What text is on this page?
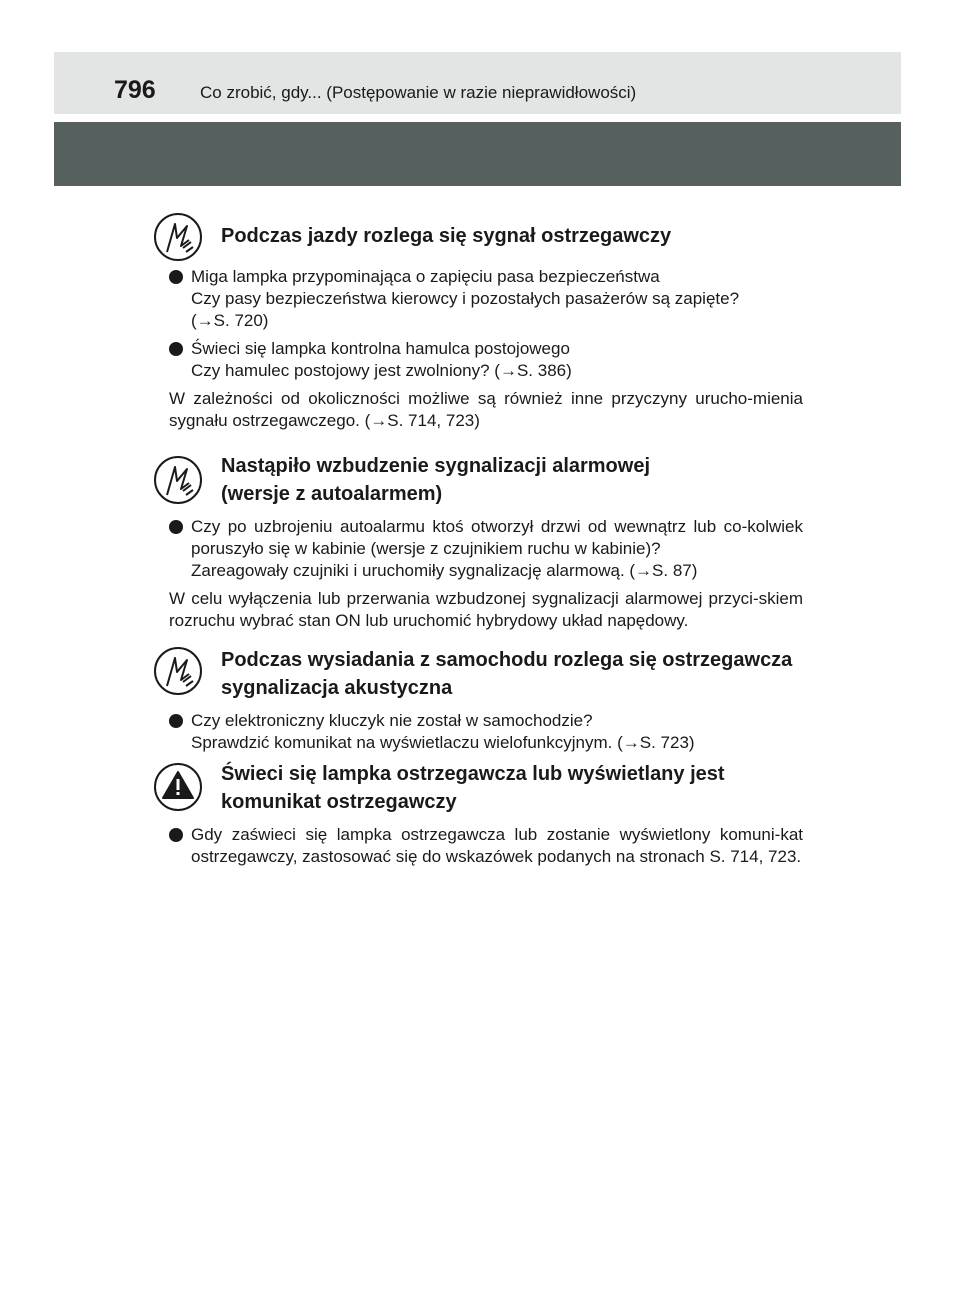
796	Co zrobić, gdy... (Postępowanie w razie nieprawidłowości)
Podczas jazdy rozlega się sygnał ostrzegawczy
Miga lampka przypominająca o zapięciu pasa bezpieczeństwa
Czy pasy bezpieczeństwa kierowcy i pozostałych pasażerów są zapięte?
(→S. 720)
Świeci się lampka kontrolna hamulca postojowego
Czy hamulec postojowy jest zwolniony? (→S. 386)
W zależności od okoliczności możliwe są również inne przyczyny urucho-mienia sygnału ostrzegawczego. (→S. 714, 723)
Nastąpiło wzbudzenie sygnalizacji alarmowej
(wersje z autoalarmem)
Czy po uzbrojeniu autoalarmu ktoś otworzył drzwi od wewnątrz lub co-kolwiek poruszyło się w kabinie (wersje z czujnikiem ruchu w kabinie)?
Zareagowały czujniki i uruchomiły sygnalizację alarmową. (→S. 87)
W celu wyłączenia lub przerwania wzbudzonej sygnalizacji alarmowej przyci-skiem rozruchu wybrać stan ON lub uruchomić hybrydowy układ napędowy.
Podczas wysiadania z samochodu rozlega się ostrzegawcza
sygnalizacja akustyczna
Czy elektroniczny kluczyk nie został w samochodzie?
Sprawdzić komunikat na wyświetlaczu wielofunkcyjnym. (→S. 723)
Świeci się lampka ostrzegawcza lub wyświetlany jest
komunikat ostrzegawczy
Gdy zaświeci się lampka ostrzegawcza lub zostanie wyświetlony komuni-kat ostrzegawczy, zastosować się do wskazówek podanych na stronach S. 714, 723.
